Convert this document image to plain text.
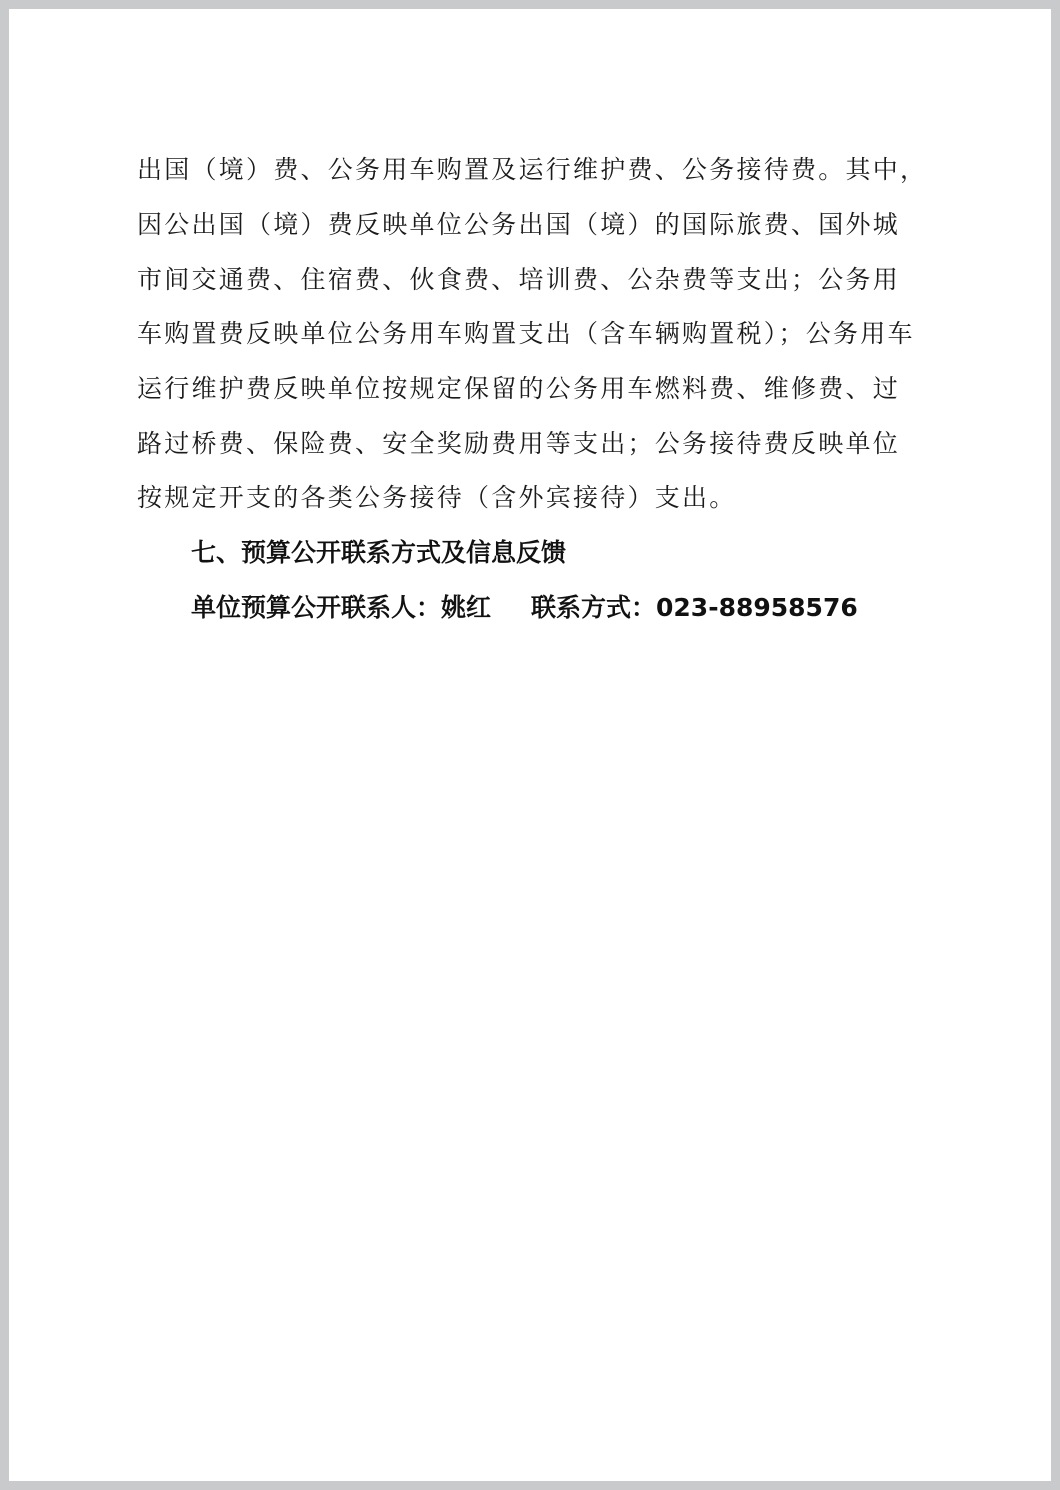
出国（境）费、公务用车购置及运行维护费、公务接待费。其中，

因公出国（境）费反映单位公务出国（境）的国际旅费、国外城

市间交通费、住宿费、伙食费、培训费、公杂费等支出；公务用

车购置费反映单位公务用车购置支出（含车辆购置税）；公务用车

运行维护费反映单位按规定保留的公务用车燃料费、维修费、过

路过桥费、保险费、安全奖励费用等支出；公务接待费反映单位

按规定开支的各类公务接待（含外宾接待）支出。

七、预算公开联系方式及信息反馈

单位预算公开联系人：姚红 联系方式：023-88958576
